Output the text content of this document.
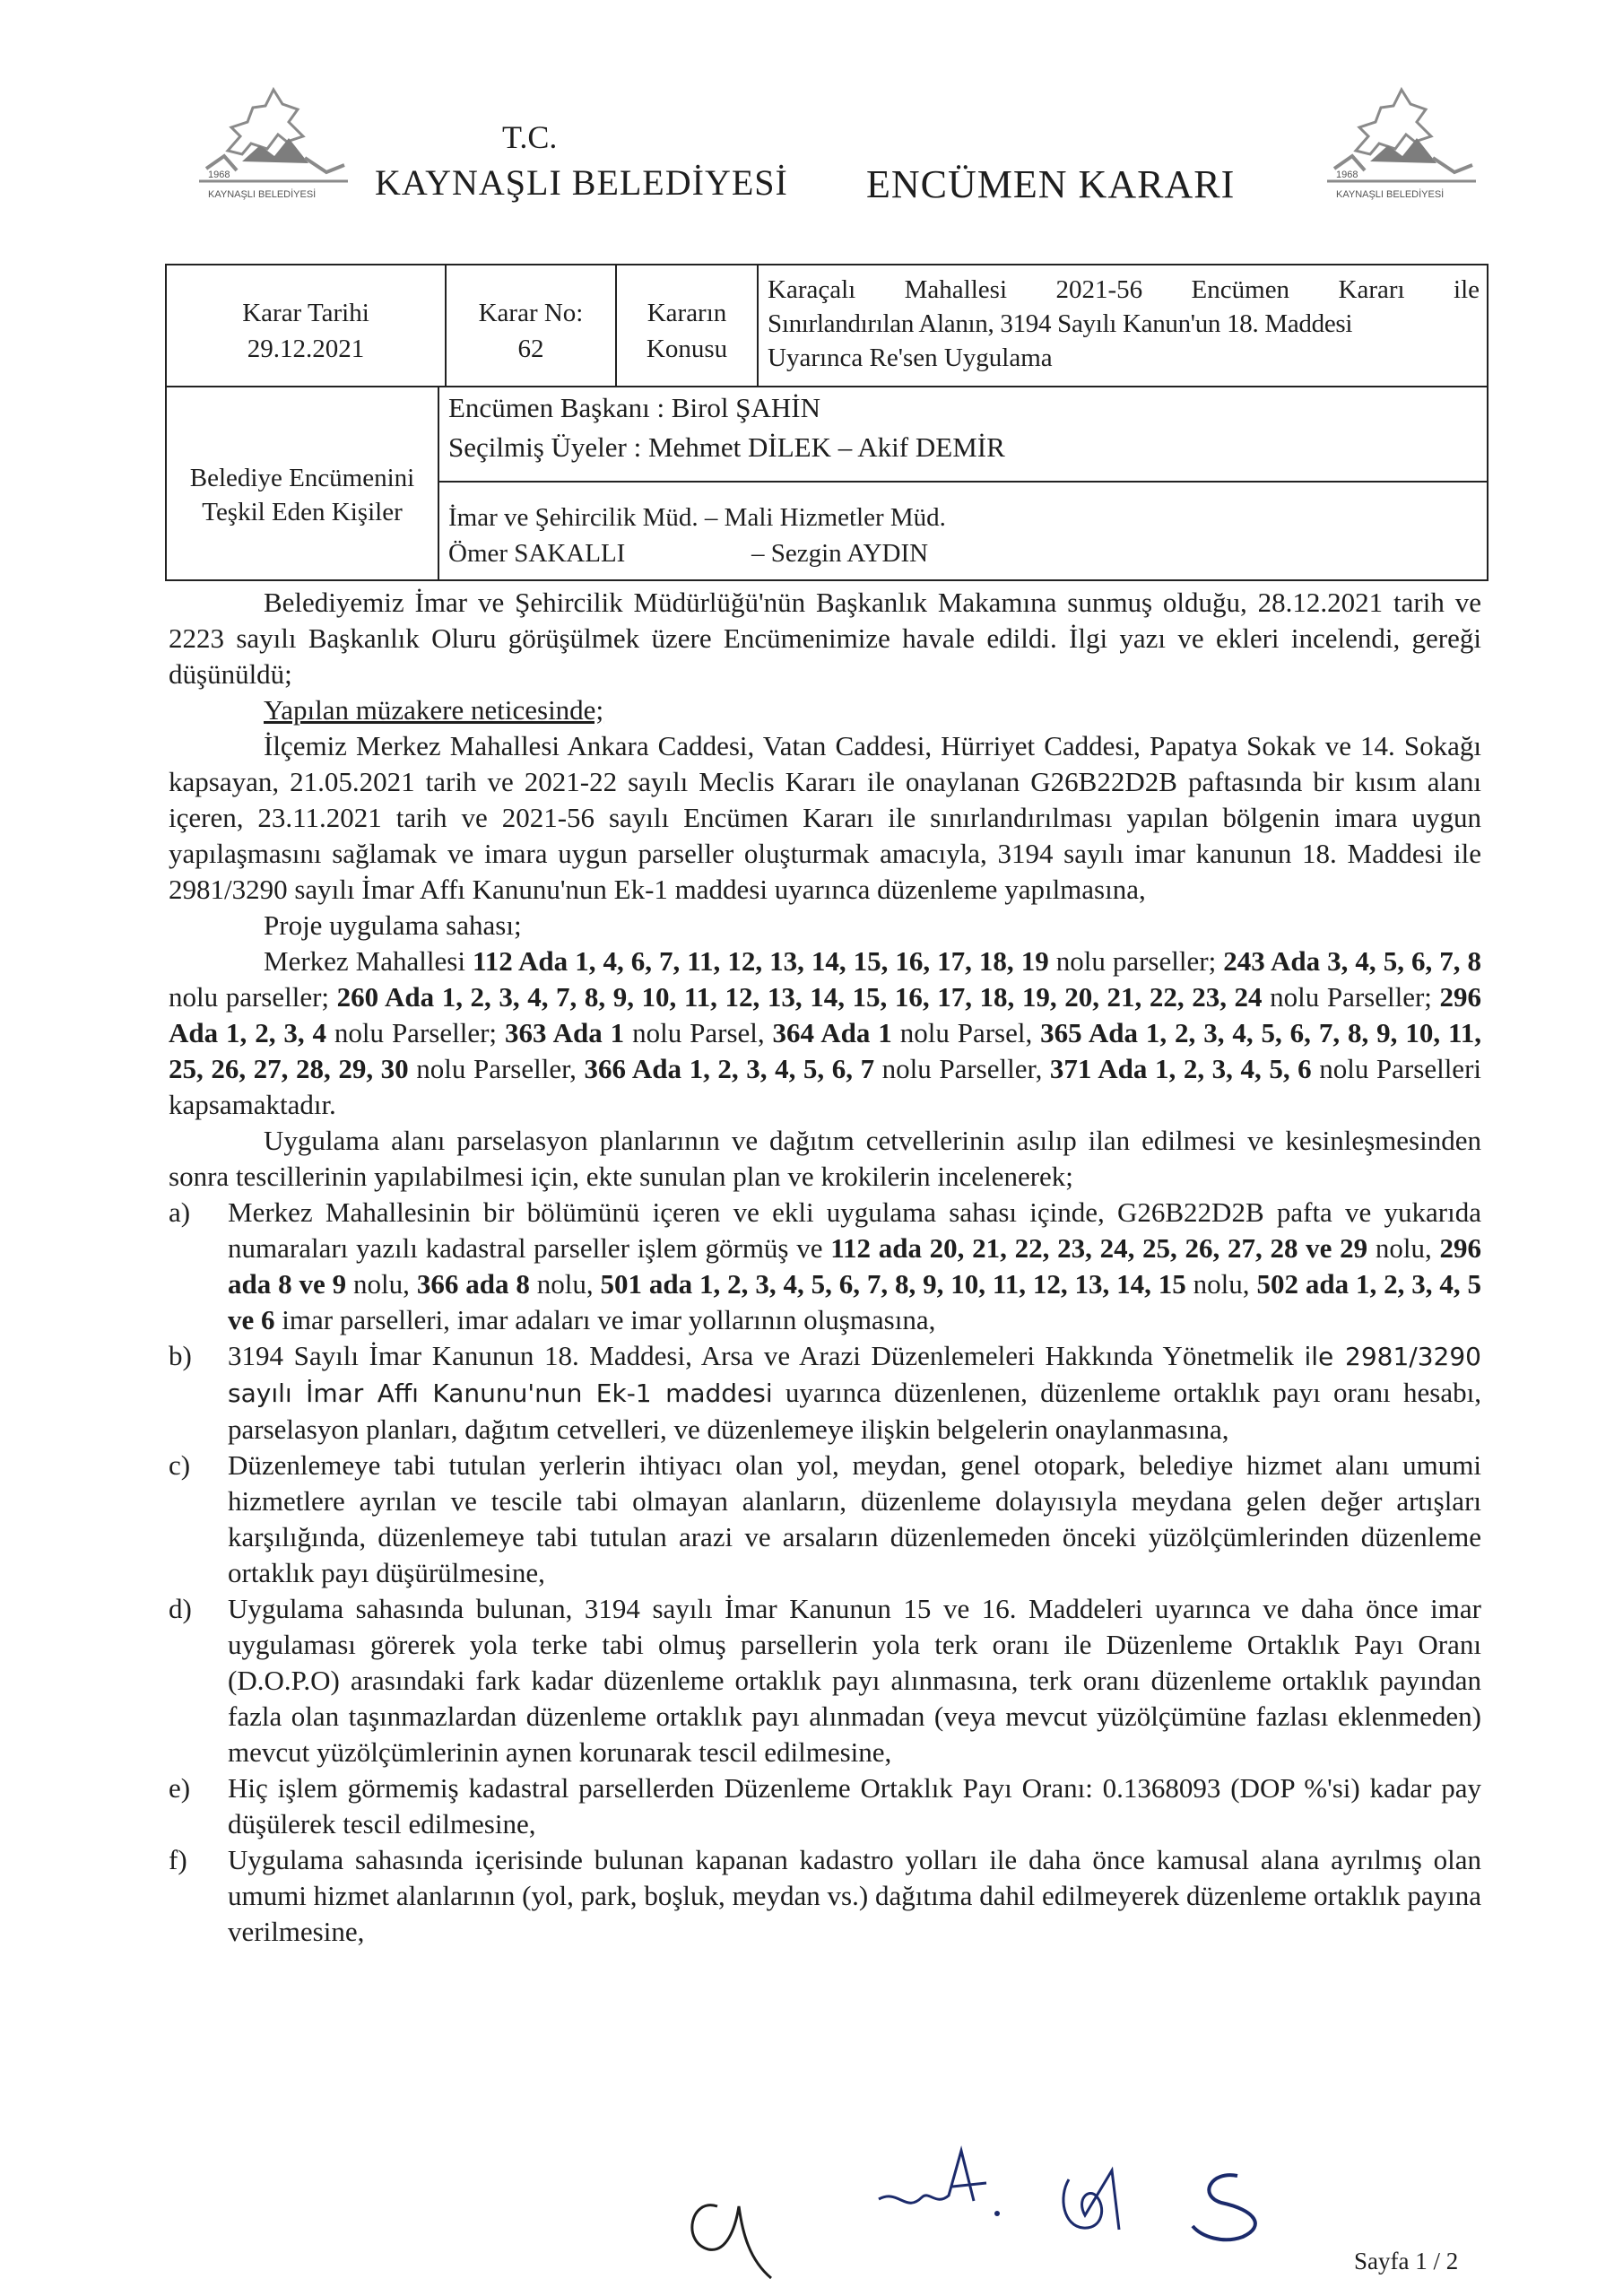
1968
KAYNAŞLI BELEDİYESİ
1968
KAYNAŞLI BELEDİYESİ
T.C.
KAYNAŞLI BELEDİYESİ ENCÜMEN KARARI
Karar Tarihi
29.12.2021
Karar No:
62
Kararın
Konusu
Karaçalı Mahallesi 2021-56 Encümen Kararı ile
Sınırlandırılan Alanın, 3194 Sayılı Kanun'un 18. Maddesi
Uyarınca Re'sen Uygulama
Belediye Encümenini
Teşkil Eden Kişiler
Encümen Başkanı : Birol ŞAHİN
Seçilmiş Üyeler : Mehmet DİLEK – Akif DEMİR
İmar ve Şehircilik Müd. – Mali Hizmetler Müd.
Ömer SAKALLI	– Sezgin AYDIN

Belediyemiz İmar ve Şehircilik Müdürlüğü'nün Başkanlık Makamına sunmuş olduğu, 28.12.2021 tarih ve 2223 sayılı Başkanlık Oluru görüşülmek üzere Encümenimize havale edildi. İlgi yazı ve ekleri incelendi, gereği düşünüldü;

Yapılan müzakere neticesinde;

İlçemiz Merkez Mahallesi Ankara Caddesi, Vatan Caddesi, Hürriyet Caddesi, Papatya Sokak ve 14. Sokağı kapsayan, 21.05.2021 tarih ve 2021-22 sayılı Meclis Kararı ile onaylanan G26B22D2B paftasında bir kısım alanı içeren, 23.11.2021 tarih ve 2021-56 sayılı Encümen Kararı ile sınırlandırılması yapılan bölgenin imara uygun yapılaşmasını sağlamak ve imara uygun parseller oluşturmak amacıyla, 3194 sayılı imar kanunun 18. Maddesi ile 2981/3290 sayılı İmar Affı Kanunu'nun Ek-1 maddesi uyarınca düzenleme yapılmasına,

Proje uygulama sahası;

Merkez Mahallesi 112 Ada 1, 4, 6, 7, 11, 12, 13, 14, 15, 16, 17, 18, 19 nolu parseller; 243 Ada 3, 4, 5, 6, 7, 8 nolu parseller; 260 Ada 1, 2, 3, 4, 7, 8, 9, 10, 11, 12, 13, 14, 15, 16, 17, 18, 19, 20, 21, 22, 23, 24 nolu Parseller; 296 Ada 1, 2, 3, 4 nolu Parseller; 363 Ada 1 nolu Parsel, 364 Ada 1 nolu Parsel, 365 Ada 1, 2, 3, 4, 5, 6, 7, 8, 9, 10, 11, 25, 26, 27, 28, 29, 30 nolu Parseller, 366 Ada 1, 2, 3, 4, 5, 6, 7 nolu Parseller, 371 Ada 1, 2, 3, 4, 5, 6 nolu Parselleri kapsamaktadır.

Uygulama alanı parselasyon planlarının ve dağıtım cetvellerinin asılıp ilan edilmesi ve kesinleşmesinden sonra tescillerinin yapılabilmesi için, ekte sunulan plan ve krokilerin incelenerek;

a) Merkez Mahallesinin bir bölümünü içeren ve ekli uygulama sahası içinde, G26B22D2B pafta ve yukarıda numaraları yazılı kadastral parseller işlem görmüş ve 112 ada 20, 21, 22, 23, 24, 25, 26, 27, 28 ve 29 nolu, 296 ada 8 ve 9 nolu, 366 ada 8 nolu, 501 ada 1, 2, 3, 4, 5, 6, 7, 8, 9, 10, 11, 12, 13, 14, 15 nolu, 502 ada 1, 2, 3, 4, 5 ve 6 imar parselleri, imar adaları ve imar yollarının oluşmasına,
b) 3194 Sayılı İmar Kanunun 18. Maddesi, Arsa ve Arazi Düzenlemeleri Hakkında Yönetmelik ile 2981/3290 sayılı İmar Affı Kanunu'nun Ek-1 maddesi uyarınca düzenlenen, düzenleme ortaklık payı oranı hesabı, parselasyon planları, dağıtım cetvelleri, ve düzenlemeye ilişkin belgelerin onaylanmasına,
c) Düzenlemeye tabi tutulan yerlerin ihtiyacı olan yol, meydan, genel otopark, belediye hizmet alanı umumi hizmetlere ayrılan ve tescile tabi olmayan alanların, düzenleme dolayısıyla meydana gelen değer artışları karşılığında, düzenlemeye tabi tutulan arazi ve arsaların düzenlemeden önceki yüzölçümlerinden düzenleme ortaklık payı düşürülmesine,
d) Uygulama sahasında bulunan, 3194 sayılı İmar Kanunun 15 ve 16. Maddeleri uyarınca ve daha önce imar uygulaması görerek yola terke tabi olmuş parsellerin yola terk oranı ile Düzenleme Ortaklık Payı Oranı (D.O.P.O) arasındaki fark kadar düzenleme ortaklık payı alınmasına, terk oranı düzenleme ortaklık payından fazla olan taşınmazlardan düzenleme ortaklık payı alınmadan (veya mevcut yüzölçümüne fazlası eklenmeden) mevcut yüzölçümlerinin aynen korunarak tescil edilmesine,
e) Hiç işlem görmemiş kadastral parsellerden Düzenleme Ortaklık Payı Oranı: 0.1368093 (DOP %'si) kadar pay düşülerek tescil edilmesine,
f) Uygulama sahasında içerisinde bulunan kapanan kadastro yolları ile daha önce kamusal alana ayrılmış olan umumi hizmet alanlarının (yol, park, boşluk, meydan vs.) dağıtıma dahil edilmeyerek düzenleme ortaklık payına verilmesine,
Sayfa 1 / 2
